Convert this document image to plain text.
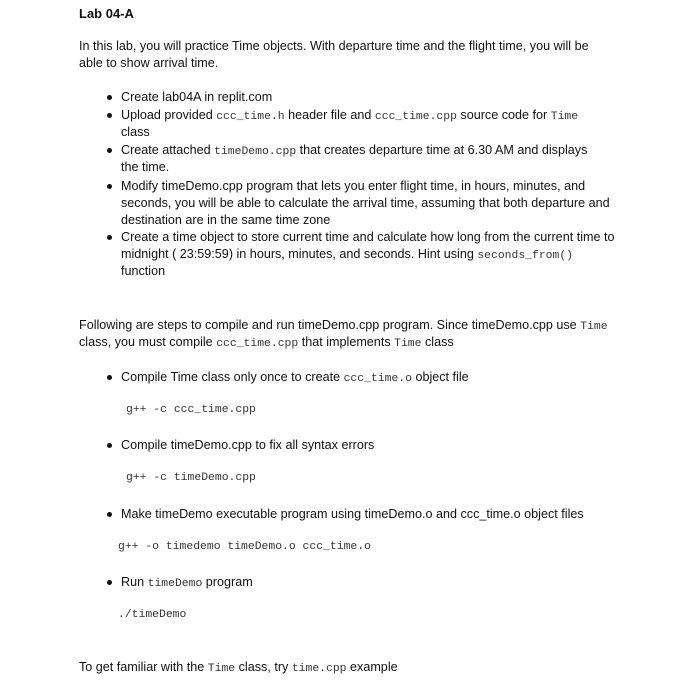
Lab 04-A
In this lab, you will practice Time objects. With departure time and the flight time, you will be
able to show arrival time.
Create lab04A in replit.com
Upload provided ccc_time.h header file and ccc_time.cpp source code for Time
class
Create attached timeDemo.cpp that creates departure time at 6.30 AM and displays
the time.
Modify timeDemo.cpp program that lets you enter flight time, in hours, minutes, and
seconds, you will be able to calculate the arrival time, assuming that both departure and
destination are in the same time zone
Create a time object to store current time and calculate how long from the current time to
midnight ( 23:59:59) in hours, minutes, and seconds. Hint using seconds_from()
function
Following are steps to compile and run timeDemo.cpp program. Since timeDemo.cpp use Time
class, you must compile ccc_time.cpp that implements Time class
Compile Time class only once to create ccc_time.o object file
g++ -c ccc_time.cpp
Compile timeDemo.cpp to fix all syntax errors
g++ -c timeDemo.cpp
Make timeDemo executable program using timeDemo.o and ccc_time.o object files
g++ -o timedemo timeDemo.o ccc_time.o
Run timeDemo program
./timeDemo
To get familiar with the Time class, try time.cpp example
